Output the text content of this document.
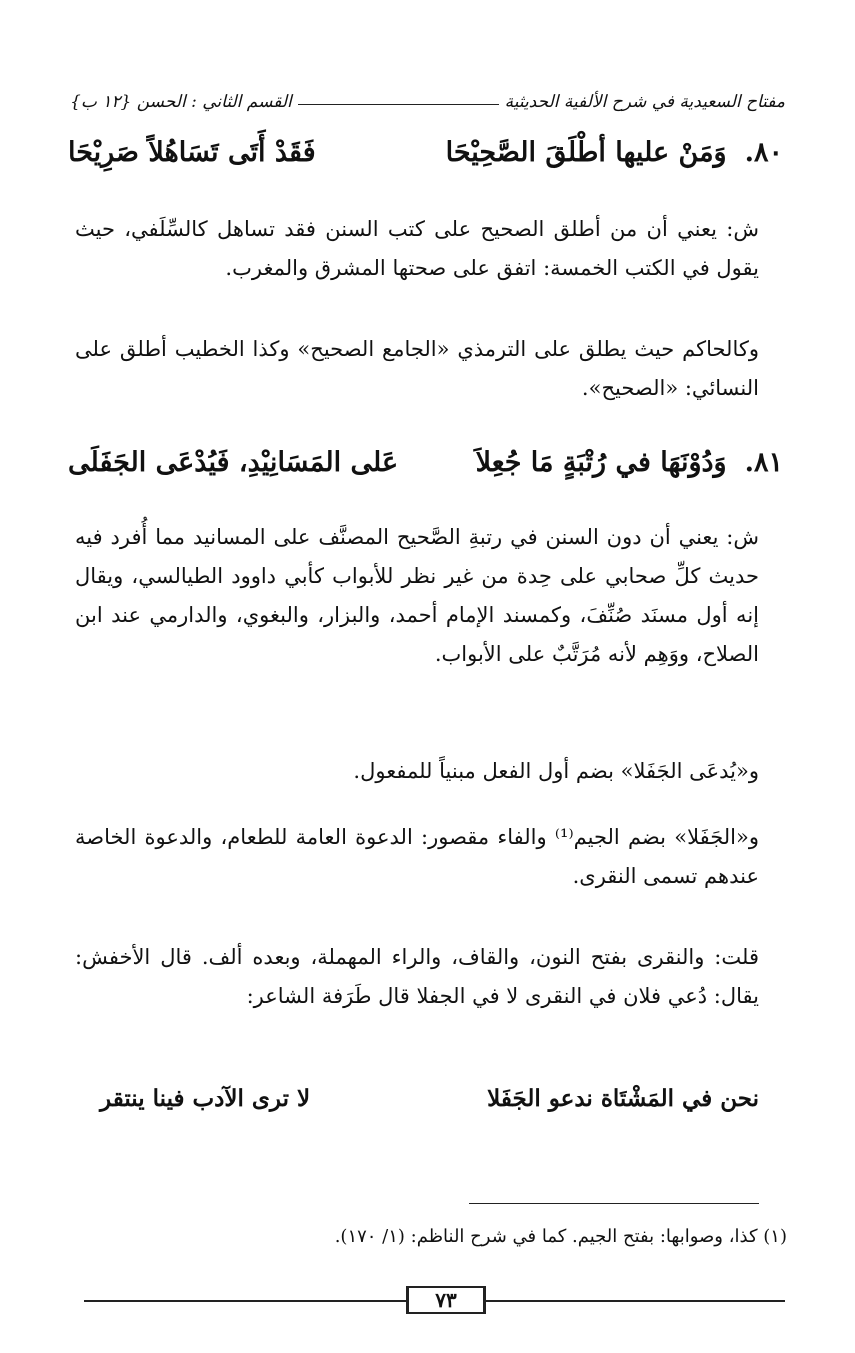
مفتاح السعيدية في شرح الألفية الحديثية
القسم الثاني : الحسن {١٢ ب}
٨٠.
وَمَنْ عليها أطْلَقَ الصَّحِيْحَا
فَقَدْ أَتَى تَسَاهُلاً صَرِيْحَا

ش: يعني أن من أطلق الصحيح على كتب السنن فقد تساهل كالسِّلَفي، حيث يقول في الكتب الخمسة: اتفق على صحتها المشرق والمغرب.

وكالحاكم حيث يطلق على الترمذي «الجامع الصحيح» وكذا الخطيب أطلق على النسائي: «الصحيح».

٨١.
وَدُوْنَهَا في رُتْبَةٍ مَا جُعِلاَ
عَلى المَسَانِيْدِ، فَيُدْعَى الجَفَلَى

ش: يعني أن دون السنن في رتبةِ الصَّحيح المصنَّف على المسانيد مما أُفرد فيه حديث كلِّ صحابي على حِدة من غير نظر للأبواب كأبي داوود الطيالسي، ويقال إنه أول مسنَد صُنِّفَ، وكمسند الإمام أحمد، والبزار، والبغوي، والدارمي عند ابن الصلاح، ووَهِم لأنه مُرَتَّبٌ على الأبواب.

و«يُدعَى الجَفَلا» بضم أول الفعل مبنياً للمفعول.

و«الجَفَلا» بضم الجيم⁽¹⁾ والفاء مقصور: الدعوة العامة للطعام، والدعوة الخاصة عندهم تسمى النقرى.

قلت: والنقرى بفتح النون، والقاف، والراء المهملة، وبعده ألف. قال الأخفش: يقال: دُعي فلان في النقرى لا في الجفلا قال طَرَفة الشاعر:

نحن في المَشْتَاة ندعو الجَفَلا
لا ترى الآدب فينا ينتقر
(١) كذا، وصوابها: بفتح الجيم. كما في شرح الناظم: (١/ ١٧٠).
٧٣
